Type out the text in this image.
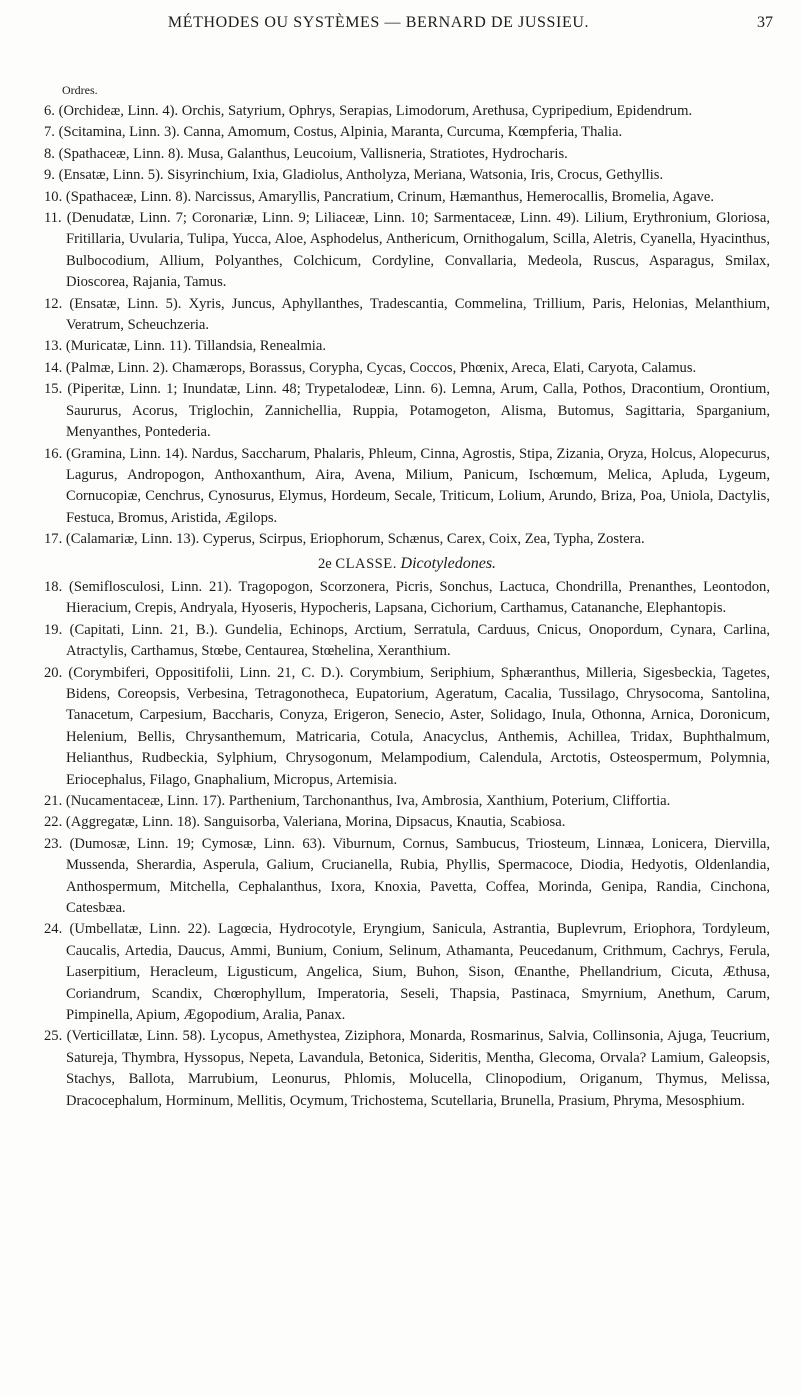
MÉTHODES OU SYSTÈMES — BERNARD DE JUSSIEU.	37

Ordres.

6. (Orchideæ, Linn. 4). Orchis, Satyrium, Ophrys, Serapias, Limodorum, Arethusa, Cypripedium, Epidendrum.

7. (Scitamina, Linn. 3). Canna, Amomum, Costus, Alpinia, Maranta, Curcuma, Kœmpferia, Thalia.

8. (Spathaceæ, Linn. 8). Musa, Galanthus, Leucoium, Vallisneria, Stratiotes, Hydrocharis.

9. (Ensatæ, Linn. 5). Sisyrinchium, Ixia, Gladiolus, Antholyza, Meriana, Watsonia, Iris, Crocus, Gethyllis.

10. (Spathaceæ, Linn. 8). Narcissus, Amaryllis, Pancratium, Crinum, Hæmanthus, Hemerocallis, Bromelia, Agave.

11. (Denudatæ, Linn. 7; Coronariæ, Linn. 9; Liliaceæ, Linn. 10; Sarmentaceæ, Linn. 49). Lilium, Erythronium, Gloriosa, Fritillaria, Uvularia, Tulipa, Yucca, Aloe, Asphodelus, Anthericum, Ornithogalum, Scilla, Aletris, Cyanella, Hyacinthus, Bulbocodium, Allium, Polyanthes, Colchicum, Cordyline, Convallaria, Medeola, Ruscus, Asparagus, Smilax, Dioscorea, Rajania, Tamus.

12. (Ensatæ, Linn. 5). Xyris, Juncus, Aphyllanthes, Tradescantia, Commelina, Trillium, Paris, Helonias, Melanthium, Veratrum, Scheuchzeria.

13. (Muricatæ, Linn. 11). Tillandsia, Renealmia.

14. (Palmæ, Linn. 2). Chamærops, Borassus, Corypha, Cycas, Coccos, Phœnix, Areca, Elati, Caryota, Calamus.

15. (Piperitæ, Linn. 1; Inundatæ, Linn. 48; Trypetalodeæ, Linn. 6). Lemna, Arum, Calla, Pothos, Dracontium, Orontium, Saururus, Acorus, Triglochin, Zannichellia, Ruppia, Potamogeton, Alisma, Butomus, Sagittaria, Sparganium, Menyanthes, Pontederia.

16. (Gramina, Linn. 14). Nardus, Saccharum, Phalaris, Phleum, Cinna, Agrostis, Stipa, Zizania, Oryza, Holcus, Alopecurus, Lagurus, Andropogon, Anthoxanthum, Aira, Avena, Milium, Panicum, Ischœmum, Melica, Apluda, Lygeum, Cornucopiæ, Cenchrus, Cynosurus, Elymus, Hordeum, Secale, Triticum, Lolium, Arundo, Briza, Poa, Uniola, Dactylis, Festuca, Bromus, Aristida, Ægilops.

17. (Calamariæ, Linn. 13). Cyperus, Scirpus, Eriophorum, Schænus, Carex, Coix, Zea, Typha, Zostera.

2e CLASSE. Dicotyledones.

18. (Semiflosculosi, Linn. 21). Tragopogon, Scorzonera, Picris, Sonchus, Lactuca, Chondrilla, Prenanthes, Leontodon, Hieracium, Crepis, Andryala, Hyoseris, Hypocheris, Lapsana, Cichorium, Carthamus, Catananche, Elephantopis.

19. (Capitati, Linn. 21, B.). Gundelia, Echinops, Arctium, Serratula, Carduus, Cnicus, Onopordum, Cynara, Carlina, Atractylis, Carthamus, Stœbe, Centaurea, Stœhelina, Xeranthium.

20. (Corymbiferi, Oppositifolii, Linn. 21, C. D.). Corymbium, Seriphium, Sphæranthus, Milleria, Sigesbeckia, Tagetes, Bidens, Coreopsis, Verbesina, Tetragonotheca, Eupatorium, Ageratum, Cacalia, Tussilago, Chrysocoma, Santolina, Tanacetum, Carpesium, Baccharis, Conyza, Erigeron, Senecio, Aster, Solidago, Inula, Othonna, Arnica, Doronicum, Helenium, Bellis, Chrysanthemum, Matricaria, Cotula, Anacyclus, Anthemis, Achillea, Tridax, Buphthalmum, Helianthus, Rudbeckia, Sylphium, Chrysogonum, Melampodium, Calendula, Arctotis, Osteospermum, Polymnia, Eriocephalus, Filago, Gnaphalium, Micropus, Artemisia.

21. (Nucamentaceæ, Linn. 17). Parthenium, Tarchonanthus, Iva, Ambrosia, Xanthium, Poterium, Cliffortia.

22. (Aggregatæ, Linn. 18). Sanguisorba, Valeriana, Morina, Dipsacus, Knautia, Scabiosa.

23. (Dumosæ, Linn. 19; Cymosæ, Linn. 63). Viburnum, Cornus, Sambucus, Triosteum, Linnæa, Lonicera, Diervilla, Mussenda, Sherardia, Asperula, Galium, Crucianella, Rubia, Phyllis, Spermacoce, Diodia, Hedyotis, Oldenlandia, Anthospermum, Mitchella, Cephalanthus, Ixora, Knoxia, Pavetta, Coffea, Morinda, Genipa, Randia, Cinchona, Catesbæa.

24. (Umbellatæ, Linn. 22). Lagœcia, Hydrocotyle, Eryngium, Sanicula, Astrantia, Buplevrum, Eriophora, Tordyleum, Caucalis, Artedia, Daucus, Ammi, Bunium, Conium, Selinum, Athamanta, Peucedanum, Crithmum, Cachrys, Ferula, Laserpitium, Heracleum, Ligusticum, Angelica, Sium, Buhon, Sison, Œnanthe, Phellandrium, Cicuta, Æthusa, Coriandrum, Scandix, Chœrophyllum, Imperatoria, Seseli, Thapsia, Pastinaca, Smyrnium, Anethum, Carum, Pimpinella, Apium, Ægopodium, Aralia, Panax.

25. (Verticillatæ, Linn. 58). Lycopus, Amethystea, Ziziphora, Monarda, Rosmarinus, Salvia, Collinsonia, Ajuga, Teucrium, Satureja, Thymbra, Hyssopus, Nepeta, Lavandula, Betonica, Sideritis, Mentha, Glecoma, Orvala? Lamium, Galeopsis, Stachys, Ballota, Marrubium, Leonurus, Phlomis, Molucella, Clinopodium, Origanum, Thymus, Melissa, Dracocephalum, Horminum, Mellitis, Ocymum, Trichostema, Scutellaria, Brunella, Prasium, Phryma, Mesosphium.
